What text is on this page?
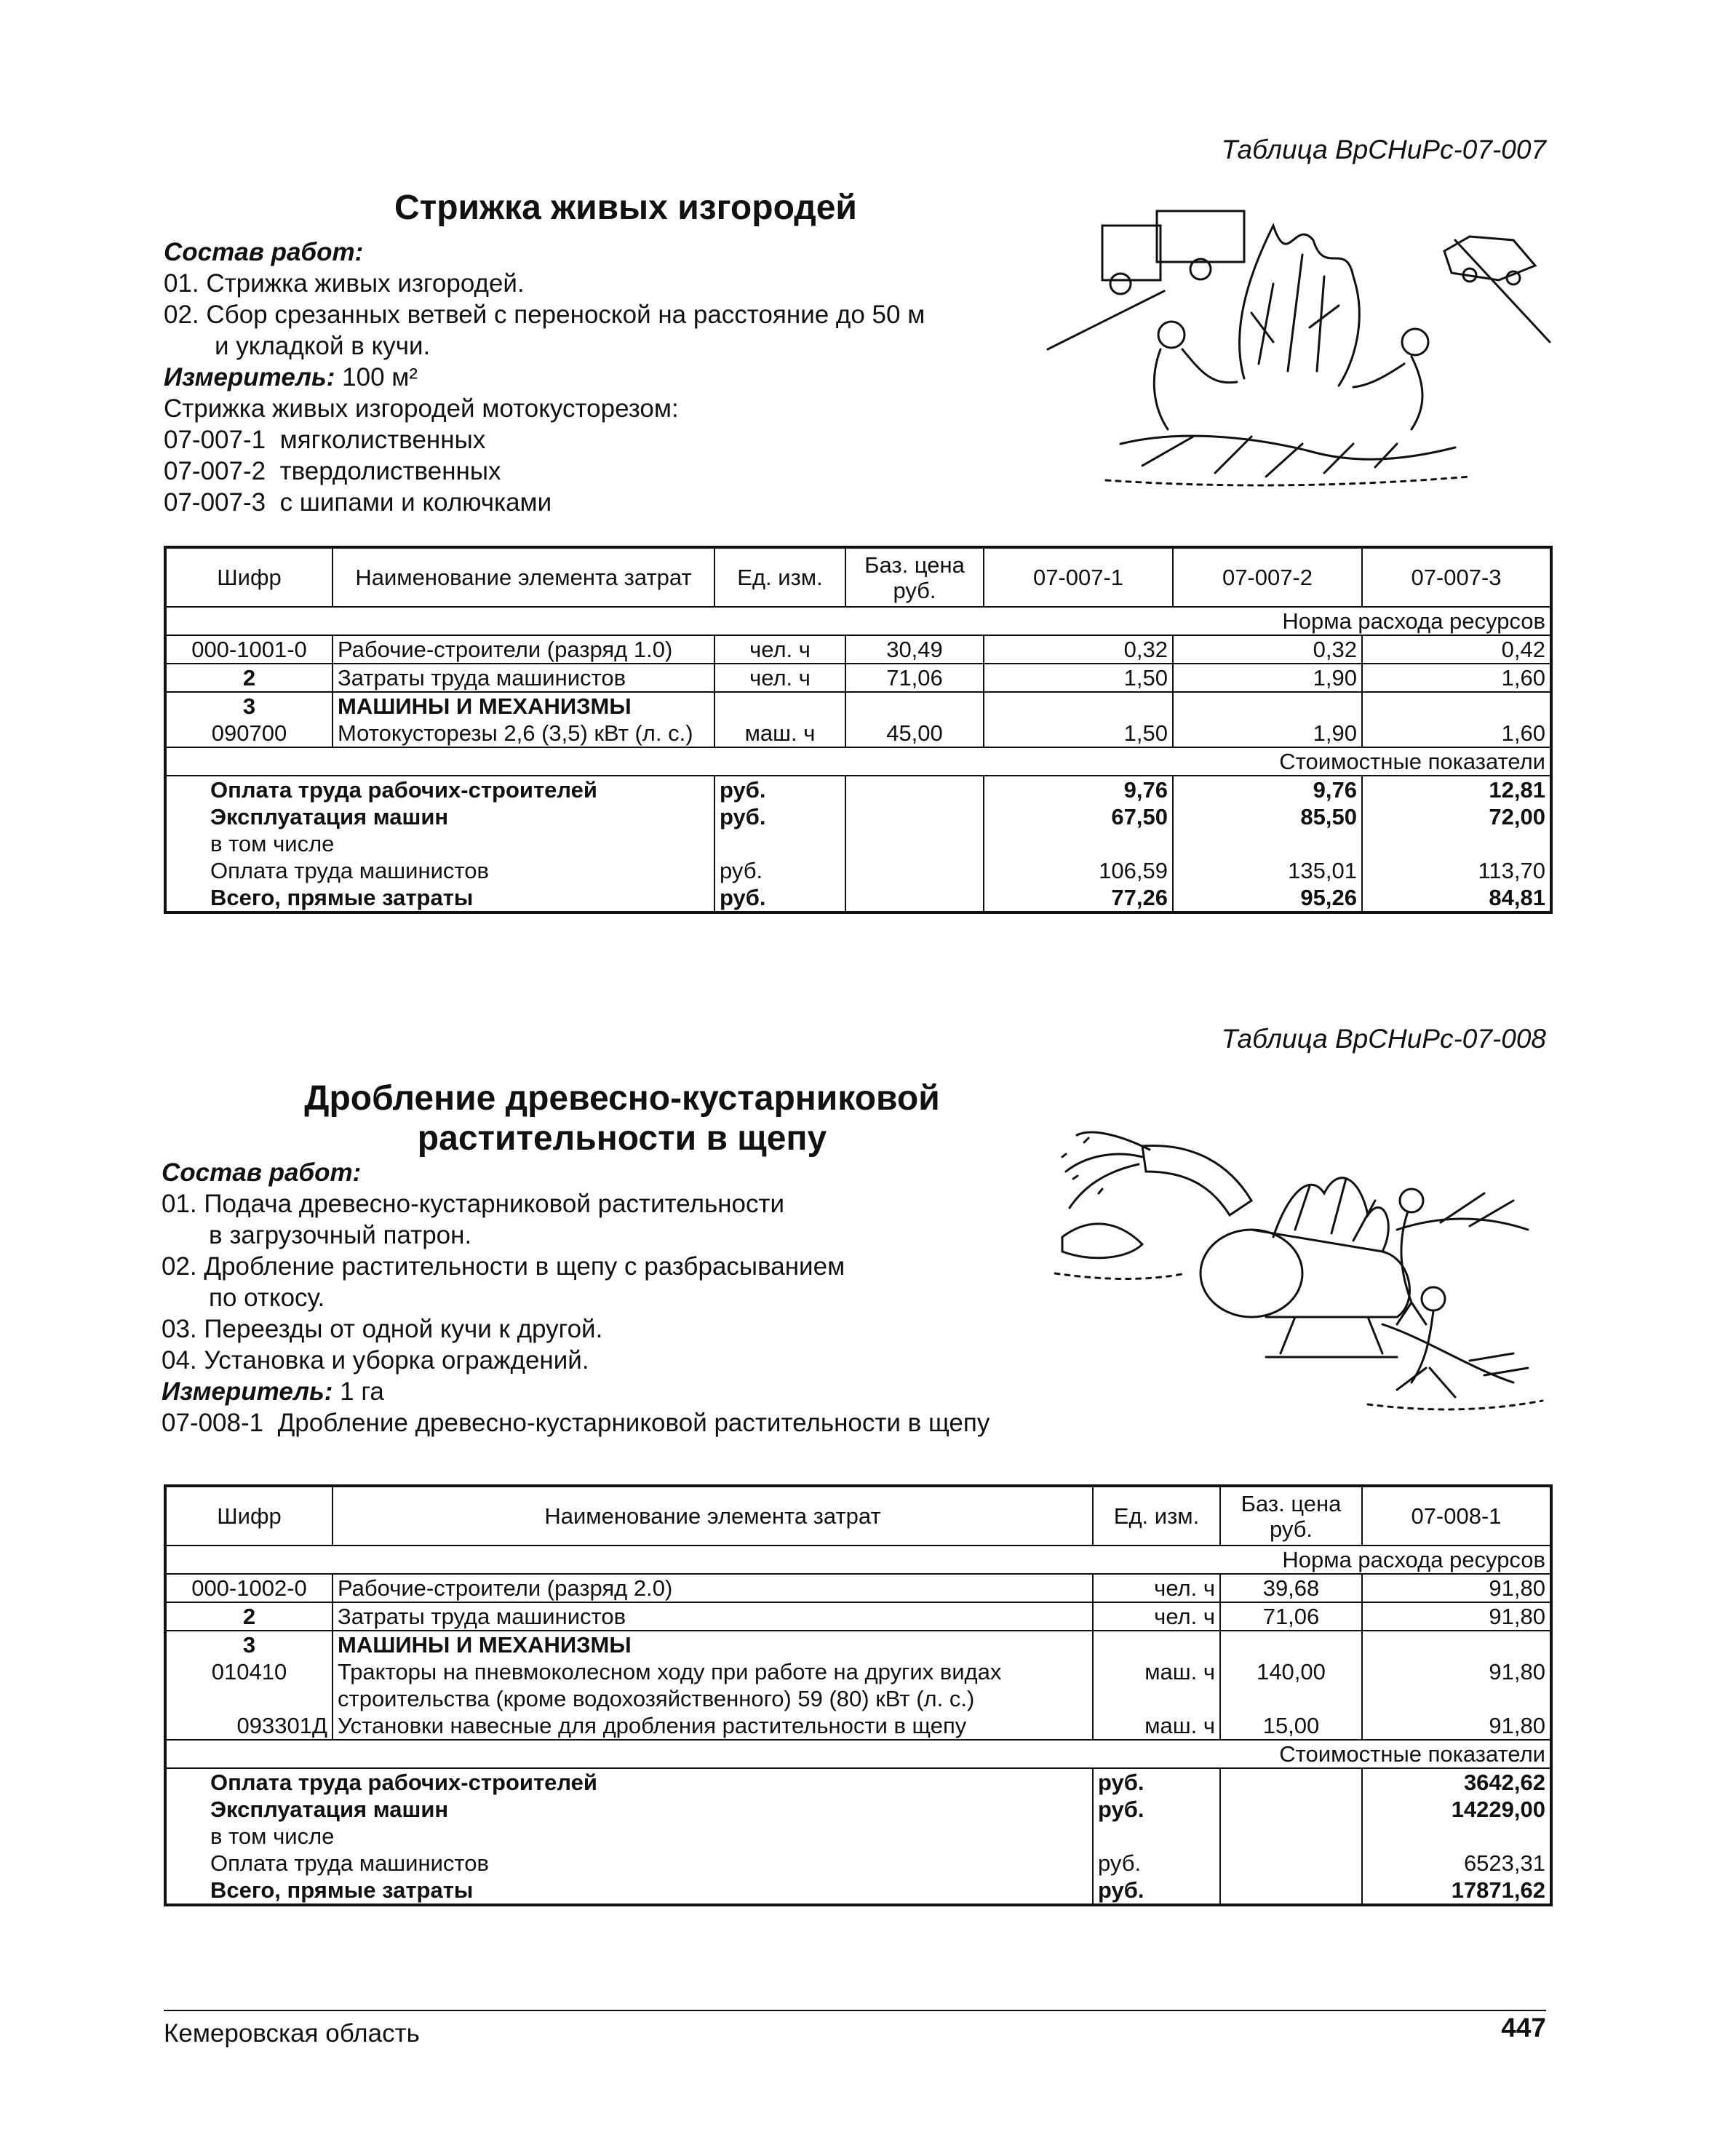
Таблица ВрСНиРс-07-007
Стрижка живых изгородей
Состав работ:
01. Стрижка живых изгородей.
02. Сбор срезанных ветвей с переноской на расстояние до 50 м
и укладкой в кучи.
Измеритель: 100 м²
Стрижка живых изгородей мотокусторезом:
07-007-1 мягколиственных
07-007-2 твердолиственных
07-007-3 с шипами и колючками
Шифр	Наименование элемента затрат	Ед. изм.	Баз. цена руб.	07-007-1	07-007-2	07-007-3
Норма расхода ресурсов						
000-1001-0	Рабочие-строители (разряд 1.0)	чел. ч	30,49	0,32	0,32	0,42
2	Затраты труда машинистов	чел. ч	71,06	1,50	1,90	1,60
3	МАШИНЫ И МЕХАНИЗМЫ					
090700	Мотокусторезы 2,6 (3,5) кВт (л. с.)	маш. ч	45,00	1,50	1,90	1,60
Стоимостные показатели						
Оплата труда рабочих-строителей		руб.		9,76	9,76	12,81
Эксплуатация машин		руб.		67,50	85,50	72,00
в том числе						
Оплата труда машинистов		руб.		106,59	135,01	113,70
Всего, прямые затраты		руб.		77,26	95,26	84,81
Таблица ВрСНиРс-07-008
Дробление древесно-кустарниковой
растительности в щепу
Состав работ:
01. Подача древесно-кустарниковой растительности
в загрузочный патрон.
02. Дробление растительности в щепу с разбрасыванием
по откосу.
03. Переезды от одной кучи к другой.
04. Установка и уборка ограждений.
Измеритель: 1 га
07-008-1 Дробление древесно-кустарниковой растительности в щепу
Шифр	Наименование элемента затрат	Ед. изм.	Баз. цена руб.	07-008-1
Норма расхода ресурсов				
000-1002-0	Рабочие-строители (разряд 2.0)	чел. ч	39,68	91,80
2	Затраты труда машинистов	чел. ч	71,06	91,80
3	МАШИНЫ И МЕХАНИЗМЫ			
010410	Тракторы на пневмоколесном ходу при работе на других видах строительства (кроме водохозяйственного) 59 (80) кВт (л. с.)	маш. ч	140,00	91,80
093301Д	Установки навесные для дробления растительности в щепу	маш. ч	15,00	91,80
Стоимостные показатели				
Оплата труда рабочих-строителей		руб.		3642,62
Эксплуатация машин		руб.		14229,00
в том числе				
Оплата труда машинистов		руб.		6523,31
Всего, прямые затраты		руб.		17871,62
Кемеровская область	447
